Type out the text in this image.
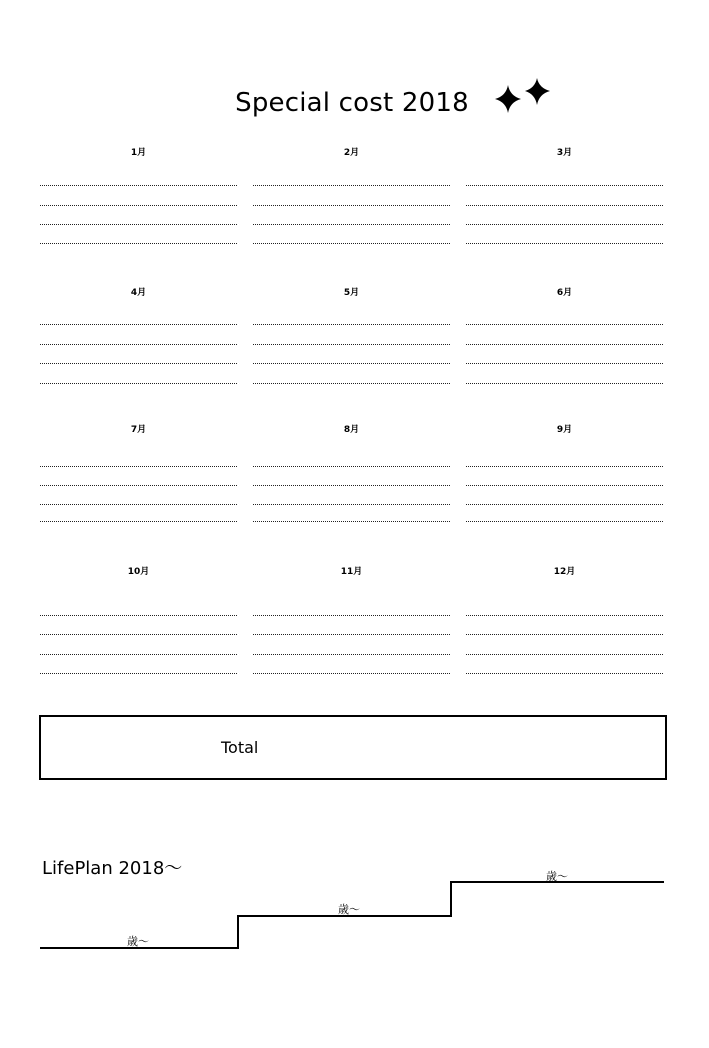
Special cost 2018
1月	2月	3月
4月	5月	6月
7月	8月	9月
10月	11月	12月
Total
LifePlan 2018〜
歳〜
歳〜
歳〜
